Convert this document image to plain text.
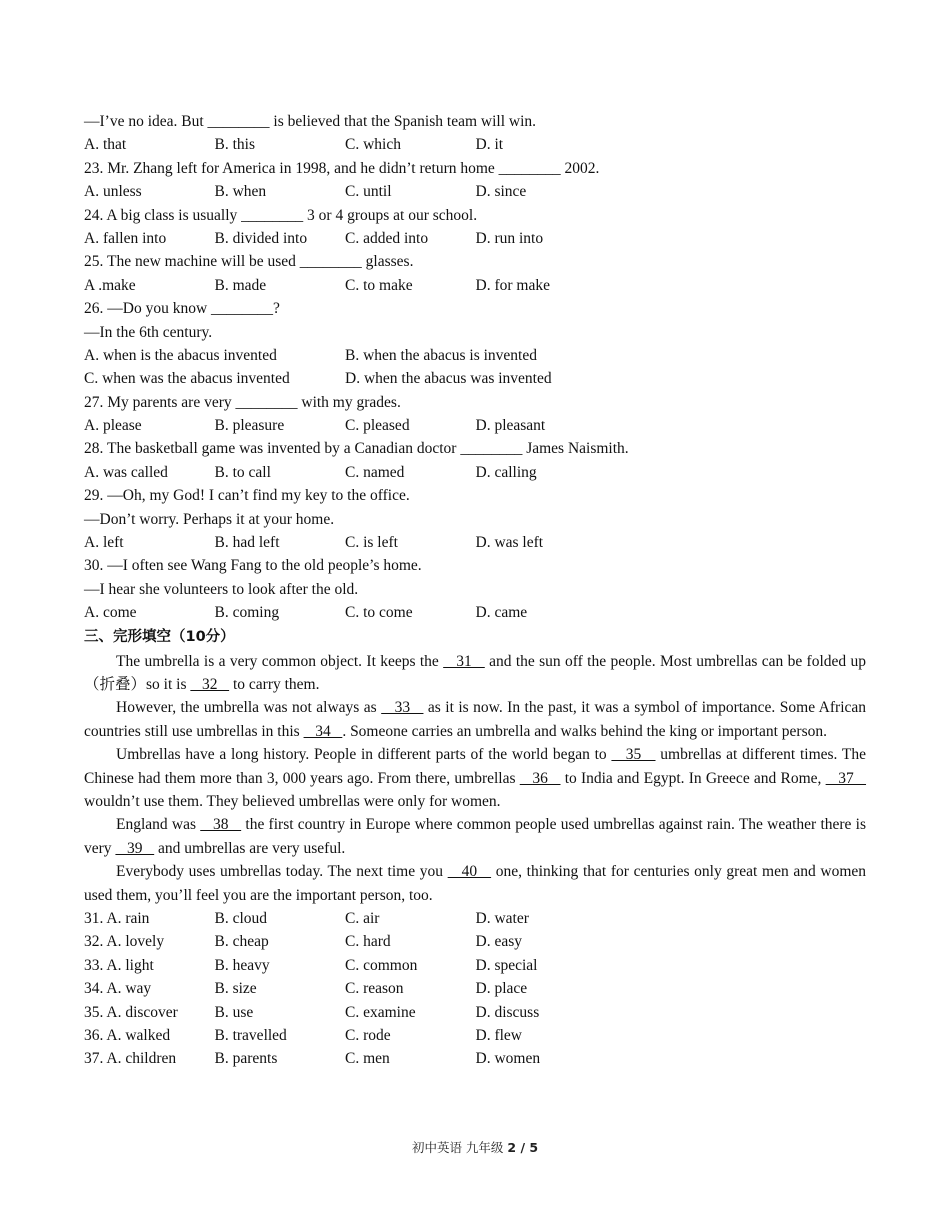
—I’ve no idea. But ________ is believed that the Spanish team will win.
A. that	B. this	C. which	D. it
23. Mr. Zhang left for America in 1998, and he didn’t return home ________ 2002.
A. unless	B. when	C. until	D. since
24. A big class is usually ________ 3 or 4 groups at our school.
A. fallen into	B. divided into	C. added into	D. run into
25. The new machine will be used ________ glasses.
A .make	B. made	C. to make	D. for make
26. —Do you know ________?
—In the 6th century.
A. when is the abacus invented	B. when the abacus is invented
C. when was the abacus invented	D. when the abacus was invented
27. My parents are very ________ with my grades.
A. please	B. pleasure	C. pleased	D. pleasant
28. The basketball game was invented by a Canadian doctor ________ James Naismith.
A. was called	B. to call	C. named	D. calling
29. —Oh, my God! I can’t find my key to the office.
—Don’t worry. Perhaps it at your home.
A. left	B. had left	C. is left	D. was left
30. —I often see Wang Fang to the old people’s home.
—I hear she volunteers to look after the old.
A. come	B. coming	C. to come	D. came
三、完形填空（10分）
The umbrella is a very common object. It keeps the    31    and the sun off the people. Most umbrellas can be folded up（折叠）so it is    32    to carry them.
However, the umbrella was not always as    33    as it is now. In the past, it was a symbol of importance. Some African countries still use umbrellas in this    34   . Someone carries an umbrella and walks behind the king or important person.
Umbrellas have a long history. People in different parts of the world began to    35    umbrellas at different times. The Chinese had them more than 3, 000 years ago. From there, umbrellas    36    to India and Egypt. In Greece and Rome,    37    wouldn’t use them. They believed umbrellas were only for women.
England was    38    the first country in Europe where common people used umbrellas against rain. The weather there is very    39    and umbrellas are very useful.
Everybody uses umbrellas today. The next time you    40    one, thinking that for centuries only great men and women used them, you’ll feel you are the important person, too.
31. A. rain	B. cloud	C. air	D. water
32. A. lovely	B. cheap	C. hard	D. easy
33. A. light	B. heavy	C. common	D. special
34. A. way	B. size	C. reason	D. place
35. A. discover	B. use	C. examine	D. discuss
36. A. walked	B. travelled	C. rode	D. flew
37. A. children	B. parents	C. men	D. women
初中英语 九年级 2 / 5
